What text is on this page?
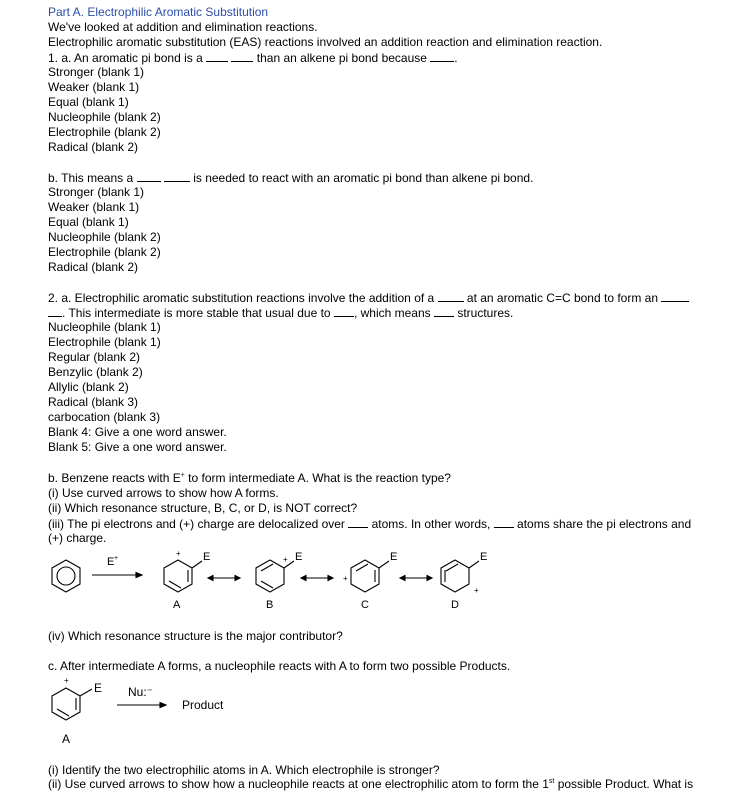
Part A. Electrophilic Aromatic Substitution
We've looked at addition and elimination reactions.
Electrophilic aromatic substitution (EAS) reactions involved an addition reaction and elimination reaction.
1. a. An aromatic pi bond is a	than an alkene pi bond because .
Stronger (blank 1)
Weaker (blank 1)
Equal (blank 1)
Nucleophile (blank 2)
Electrophile (blank 2)
Radical (blank 2)
b. This means a	is needed to react with an aromatic pi bond than alkene pi bond.
Stronger (blank 1)
Weaker (blank 1)
Equal (blank 1)
Nucleophile (blank 2)
Electrophile (blank 2)
Radical (blank 2)
2. a. Electrophilic aromatic substitution reactions involve the addition of a	at an aromatic C=C bond to form an
. This intermediate is more stable that usual due to , which means structures.
Nucleophile (blank 1)
Electrophile (blank 1)
Regular (blank 2)
Benzylic (blank 2)
Allylic (blank 2)
Radical (blank 3)
carbocation (blank 3)
Blank 4: Give a one word answer.
Blank 5: Give a one word answer.
b. Benzene reacts with E+ to form intermediate A. What is the reaction type?
(i) Use curved arrows to show how A forms.
(ii) Which resonance structure, B, C, or D, is NOT correct?
(iii) The pi electrons and (+) charge are delocalized over atoms. In other words, atoms share the pi electrons and
(+) charge.
E +
+ E	+ E
+
E
+
E
A	B	C	D
(iv) Which resonance structure is the major contributor?
c. After intermediate A forms, a nucleophile reacts with A to form two possible Products.
+
E Nu:⁻
Product
A
(i) Identify the two electrophilic atoms in A. Which electrophile is stronger?
(ii) Use curved arrows to show how a nucleophile reacts at one electrophilic atom to form the 1st possible Product. What is
